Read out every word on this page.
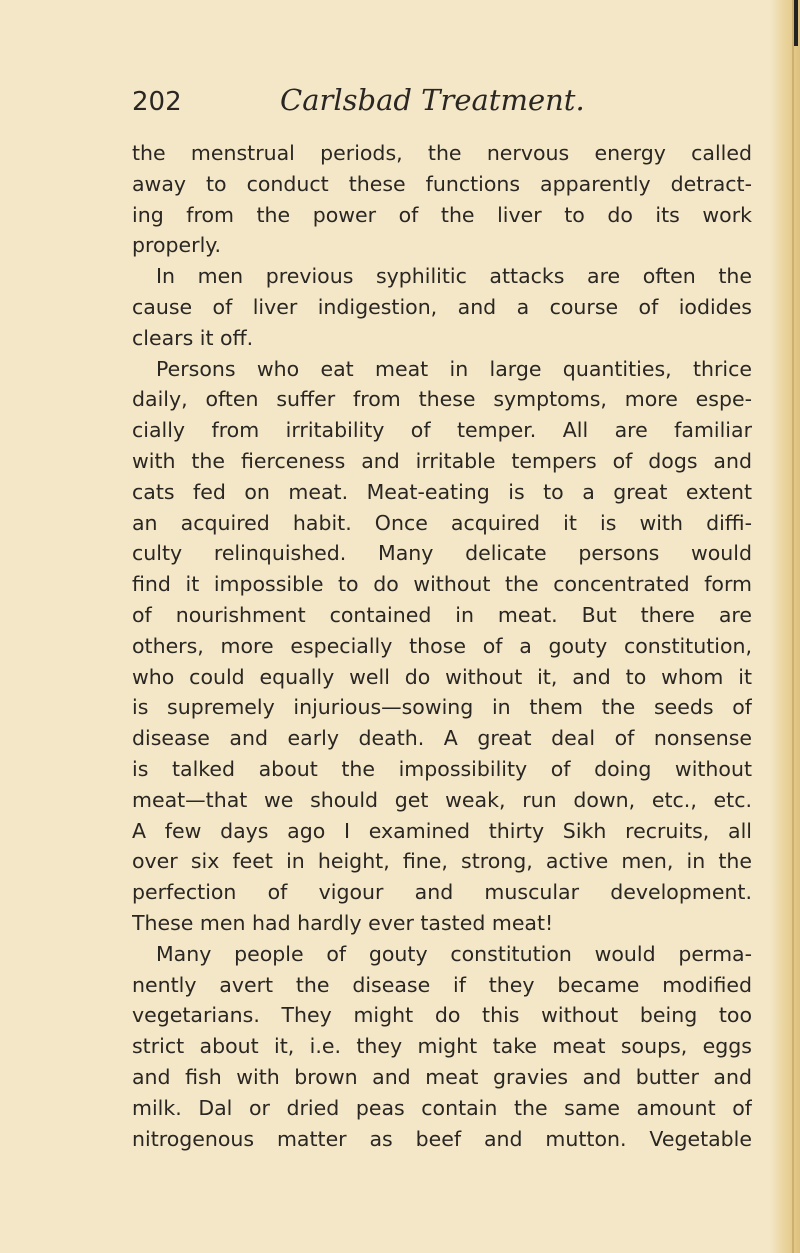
202	Carlsbad Treatment.
the menstrual periods, the nervous energy called
away to conduct these functions apparently detract-
ing from the power of the liver to do its work
properly.
In men previous syphilitic attacks are often the
cause of liver indigestion, and a course of iodides
clears it off.
Persons who eat meat in large quantities, thrice
daily, often suffer from these symptoms, more espe-
cially from irritability of temper. All are familiar
with the fierceness and irritable tempers of dogs and
cats fed on meat. Meat-eating is to a great extent
an acquired habit. Once acquired it is with diffi-
culty relinquished. Many delicate persons would
find it impossible to do without the concentrated form
of nourishment contained in meat. But there are
others, more especially those of a gouty constitution,
who could equally well do without it, and to whom it
is supremely injurious—sowing in them the seeds of
disease and early death. A great deal of nonsense
is talked about the impossibility of doing without
meat—that we should get weak, run down, etc., etc.
A few days ago I examined thirty Sikh recruits, all
over six feet in height, fine, strong, active men, in the
perfection of vigour and muscular development.
These men had hardly ever tasted meat!
Many people of gouty constitution would perma-
nently avert the disease if they became modified
vegetarians. They might do this without being too
strict about it, i.e. they might take meat soups, eggs
and fish with brown and meat gravies and butter and
milk. Dal or dried peas contain the same amount of
nitrogenous matter as beef and mutton. Vegetable
